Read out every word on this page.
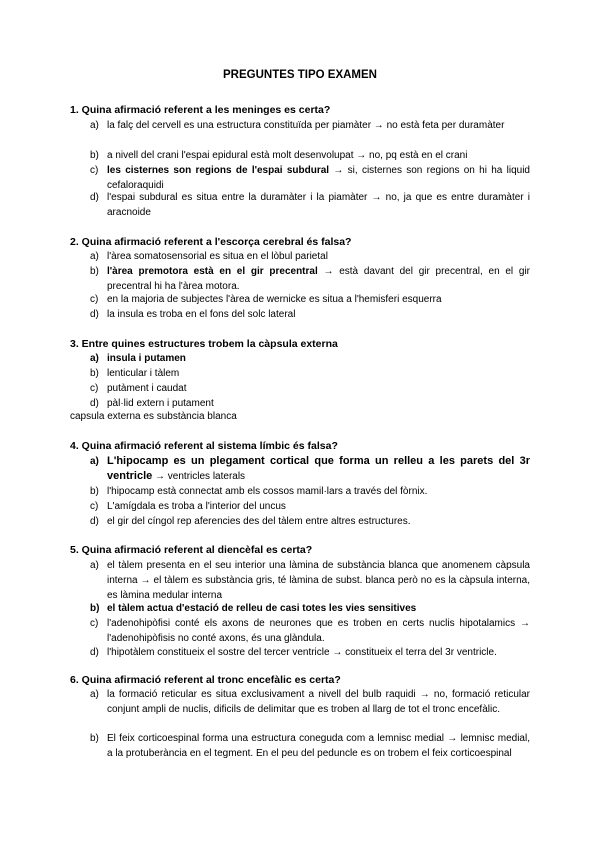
PREGUNTES TIPO EXAMEN
1. Quina afirmació referent a les meninges es certa?
a) la falç del cervell es una estructura constituïda per piamàter → no està feta per duramàter
b) a nivell del crani l'espai epidural està molt desenvolupat → no, pq està en el crani
c) les cisternes son regions de l'espai subdural → si, cisternes son regions on hi ha liquid cefaloraquidi
d) l'espai subdural es situa entre la duramàter i la piamàter → no, ja que es entre duramàter i aracnoide
2. Quina afirmació referent a l'escorça cerebral és falsa?
a) l'àrea somatosensorial es situa en el lòbul parietal
b) l'àrea premotora està en el gir precentral → està davant del gir precentral, en el gir precentral hi ha l'àrea motora.
c) en la majoria de subjectes l'àrea de wernicke es situa a l'hemisferi esquerra
d) la insula es troba en el fons del solc lateral
3. Entre quines estructures trobem la càpsula externa
a) insula i putamen
b) lenticular i tàlem
c) putàment i caudat
d) pàl·lid extern i putament
capsula externa es substància blanca
4. Quina afirmació referent al sistema límbic és falsa?
a) L'hipocamp es un plegament cortical que forma un relleu a les parets del 3r ventricle → ventricles laterals
b) l'hipocamp està connectat amb els cossos mamil·lars a través del fòrnix.
c) L'amígdala es troba a l'interior del uncus
d) el gir del cíngol rep aferencies des del tàlem entre altres estructures.
5. Quina afirmació referent al diencèfal es certa?
a) el tàlem presenta en el seu interior una làmina de substància blanca que anomenem càpsula interna → el tàlem es substància gris, té làmina de subst. blanca però no es la càpsula interna, es làmina medular interna
b) el tàlem actua d'estació de relleu de casi totes les vies sensitives
c) l'adenohipòfisi conté els axons de neurones que es troben en certs nuclis hipotalamics → l'adenohipòfisis no conté axons, és una glàndula.
d) l'hipotàlem constitueix el sostre del tercer ventricle → constitueix el terra del 3r ventricle.
6. Quina afirmació referent al tronc encefàlic es certa?
a) la formació reticular es situa exclusivament a nivell del bulb raquidi → no, formació reticular conjunt ampli de nuclis, dificils de delimitar que es troben al llarg de tot el tronc encefàlic.
b) El feix corticoespinal forma una estructura coneguda com a lemnisc medial → lemnisc medial, a la protuberància en el tegment. En el peu del peduncle es on trobem el feix corticoespinal
